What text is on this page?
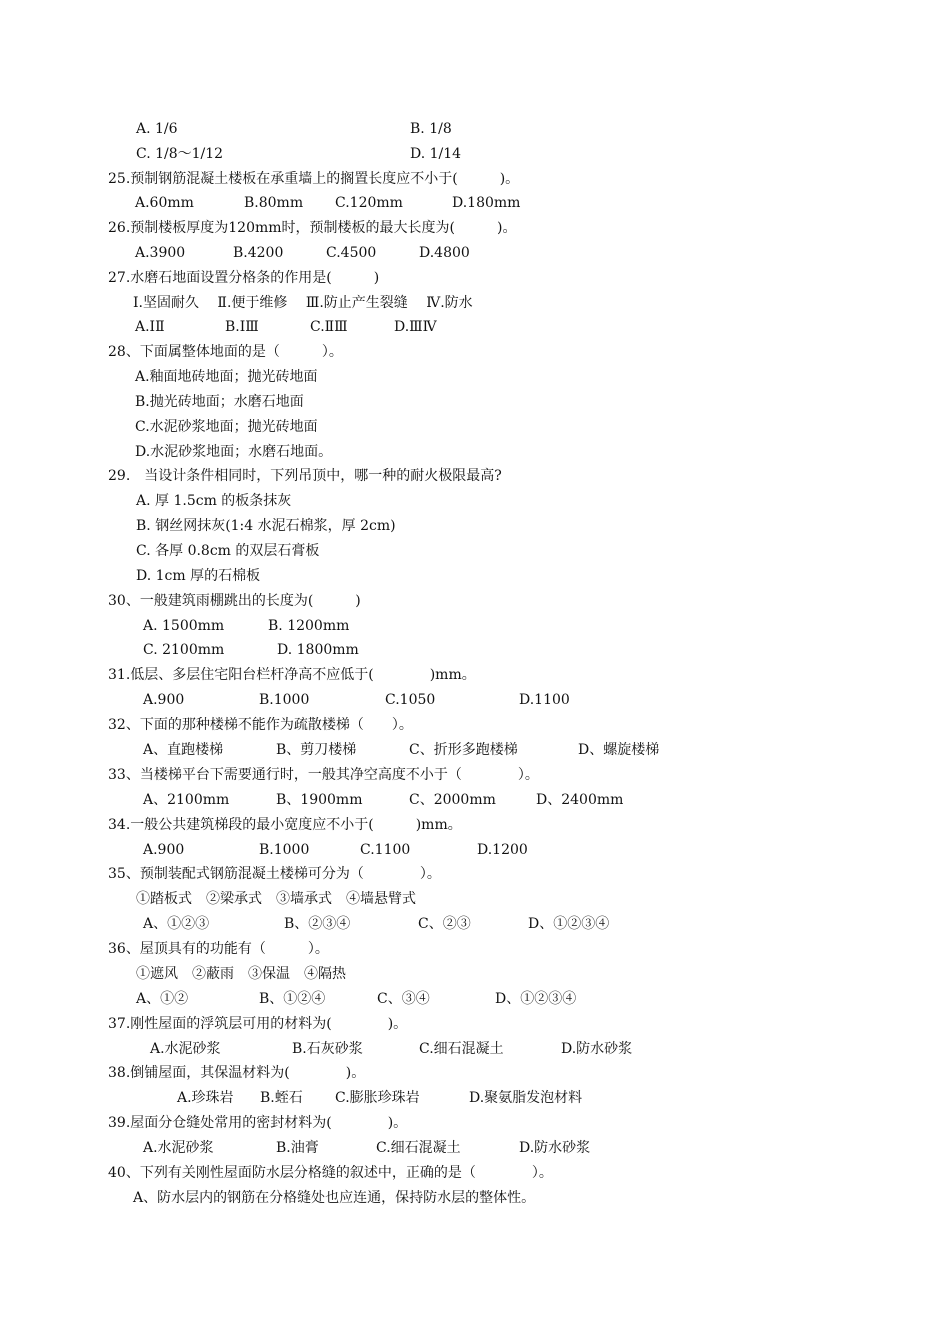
A. 1/6	B. 1/8
C. 1/8～1/12	D. 1/14
25.预制钢筋混凝土楼板在承重墙上的搁置长度应不小于(　　　)。
A.60mm	B.80mm C.120mm	D.180mm
26.预制楼板厚度为120mm时，预制楼板的最大长度为(　　　)。
A.3900	B.4200	C.4500	D.4800
27.水磨石地面设置分格条的作用是(　　　)
Ⅰ.坚固耐久　 Ⅱ.便于维修　 Ⅲ.防止产生裂缝　 Ⅳ.防水
A.ⅠⅡ	B.ⅠⅢ	C.ⅡⅢ	D.ⅢⅣ
28、下面属整体地面的是（　　　）。
A.釉面地砖地面；抛光砖地面
B.抛光砖地面；水磨石地面
C.水泥砂浆地面；抛光砖地面
D.水泥砂浆地面；水磨石地面。
29.　当设计条件相同时，下列吊顶中，哪一种的耐火极限最高?
A. 厚 1.5cm 的板条抹灰
B. 钢丝网抹灰(1:4 水泥石棉浆，厚 2cm)
C. 各厚 0.8cm 的双层石膏板
D. 1cm 厚的石棉板
30、一般建筑雨棚跳出的长度为(　　　)
A. 1500mm	B. 1200mm
C. 2100mm	D. 1800mm
31.低层、多层住宅阳台栏杆净高不应低于(　　　　)mm。
A.900	B.1000	C.1050	D.1100
32、下面的那种楼梯不能作为疏散楼梯（　　）。
A、直跑楼梯	B、剪刀楼梯	C、折形多跑楼梯	D、螺旋楼梯
33、当楼梯平台下需要通行时，一般其净空高度不小于（　　　　）。
A、2100mm	B、1900mm	C、2000mm	D、2400mm
34.一般公共建筑梯段的最小宽度应不小于(　　　)mm。
A.900	B.1000	C.1100	D.1200
35、预制装配式钢筋混凝土楼梯可分为（　　　　）。
①踏板式　②梁承式　③墙承式　④墙悬臂式
A、①②③	B、②③④	C、②③	D、①②③④
36、屋顶具有的功能有（　　　）。
①遮风　②蔽雨　③保温　④隔热
A、①②	B、①②④	C、③④	D、①②③④
37.刚性屋面的浮筑层可用的材料为(　　　　)。
A.水泥砂浆	B.石灰砂浆	C.细石混凝土	D.防水砂浆
38.倒铺屋面，其保温材料为(　　　　)。
A.珍珠岩 B.蛭石 C.膨胀珍珠岩	D.聚氨脂发泡材料
39.屋面分仓缝处常用的密封材料为(　　　　)。
A.水泥砂浆	B.油膏	C.细石混凝土	D.防水砂浆
40、下列有关刚性屋面防水层分格缝的叙述中，正确的是（　　　　）。
A、防水层内的钢筋在分格缝处也应连通，保持防水层的整体性。
